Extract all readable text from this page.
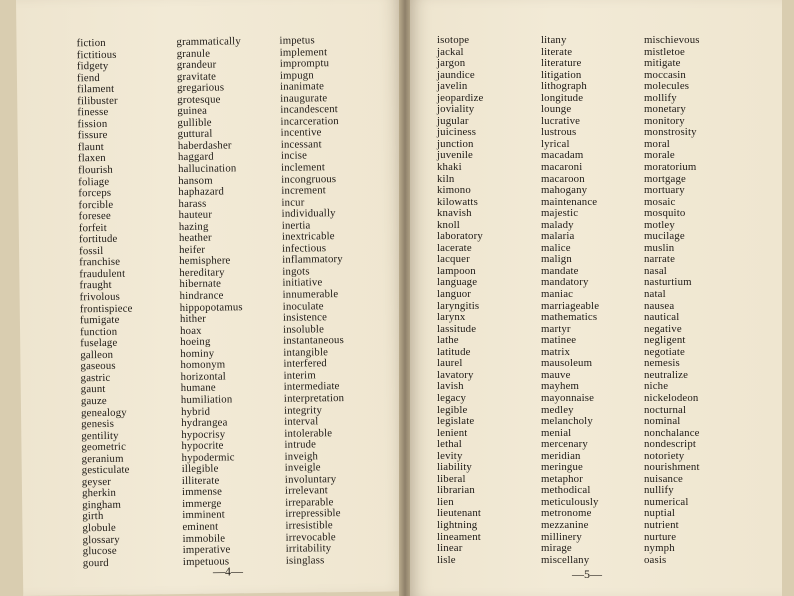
fiction
fictitious
fidgety
fiend
filament
filibuster
finesse
fission
fissure
flaunt
flaxen
flourish
foliage
forceps
forcible
foresee
forfeit
fortitude
fossil
franchise
fraudulent
fraught
frivolous
frontispiece
fumigate
function
fuselage
galleon
gaseous
gastric
gaunt
gauze
genealogy
genesis
gentility
geometric
geranium
gesticulate
geyser
gherkin
gingham
girth
globule
glossary
glucose
gourd
grammatically
granule
grandeur
gravitate
gregarious
grotesque
guinea
gullible
guttural
haberdasher
haggard
hallucination
hansom
haphazard
harass
hauteur
hazing
heather
heifer
hemisphere
hereditary
hibernate
hindrance
hippopotamus
hither
hoax
hoeing
hominy
homonym
horizontal
humane
humiliation
hybrid
hydrangea
hypocrisy
hypocrite
hypodermic
illegible
illiterate
immense
immerge
imminent
eminent
immobile
imperative
impetuous
impetus
implement
impromptu
impugn
inanimate
inaugurate
incandescent
incarceration
incentive
incessant
incise
inclement
incongruous
increment
incur
individually
inertia
inextricable
infectious
inflammatory
ingots
initiative
innumerable
inoculate
insistence
insoluble
instantaneous
intangible
interfered
interim
intermediate
interpretation
integrity
interval
intolerable
intrude
inveigh
inveigle
involuntary
irrelevant
irreparable
irrepressible
irresistible
irrevocable
irritability
isinglass
—4—
isotope
jackal
jargon
jaundice
javelin
jeopardize
joviality
jugular
juiciness
junction
juvenile
khaki
kiln
kimono
kilowatts
knavish
knoll
laboratory
lacerate
lacquer
lampoon
language
languor
laryngitis
larynx
lassitude
lathe
latitude
laurel
lavatory
lavish
legacy
legible
legislate
lenient
lethal
levity
liability
liberal
librarian
lien
lieutenant
lightning
lineament
linear
lisle
litany
literate
literature
litigation
lithograph
longitude
lounge
lucrative
lustrous
lyrical
macadam
macaroni
macaroon
mahogany
maintenance
majestic
malady
malaria
malice
malign
mandate
mandatory
maniac
marriageable
mathematics
martyr
matinee
matrix
mausoleum
mauve
mayhem
mayonnaise
medley
melancholy
menial
mercenary
meridian
meringue
metaphor
methodical
meticulously
metronome
mezzanine
millinery
mirage
miscellany
mischievous
mistletoe
mitigate
moccasin
molecules
mollify
monetary
monitory
monstrosity
moral
morale
moratorium
mortgage
mortuary
mosaic
mosquito
motley
mucilage
muslin
narrate
nasal
nasturtium
natal
nausea
nautical
negative
negligent
negotiate
nemesis
neutralize
niche
nickelodeon
nocturnal
nominal
nonchalance
nondescript
notoriety
nourishment
nuisance
nullify
numerical
nuptial
nutrient
nurture
nymph
oasis
—5—
